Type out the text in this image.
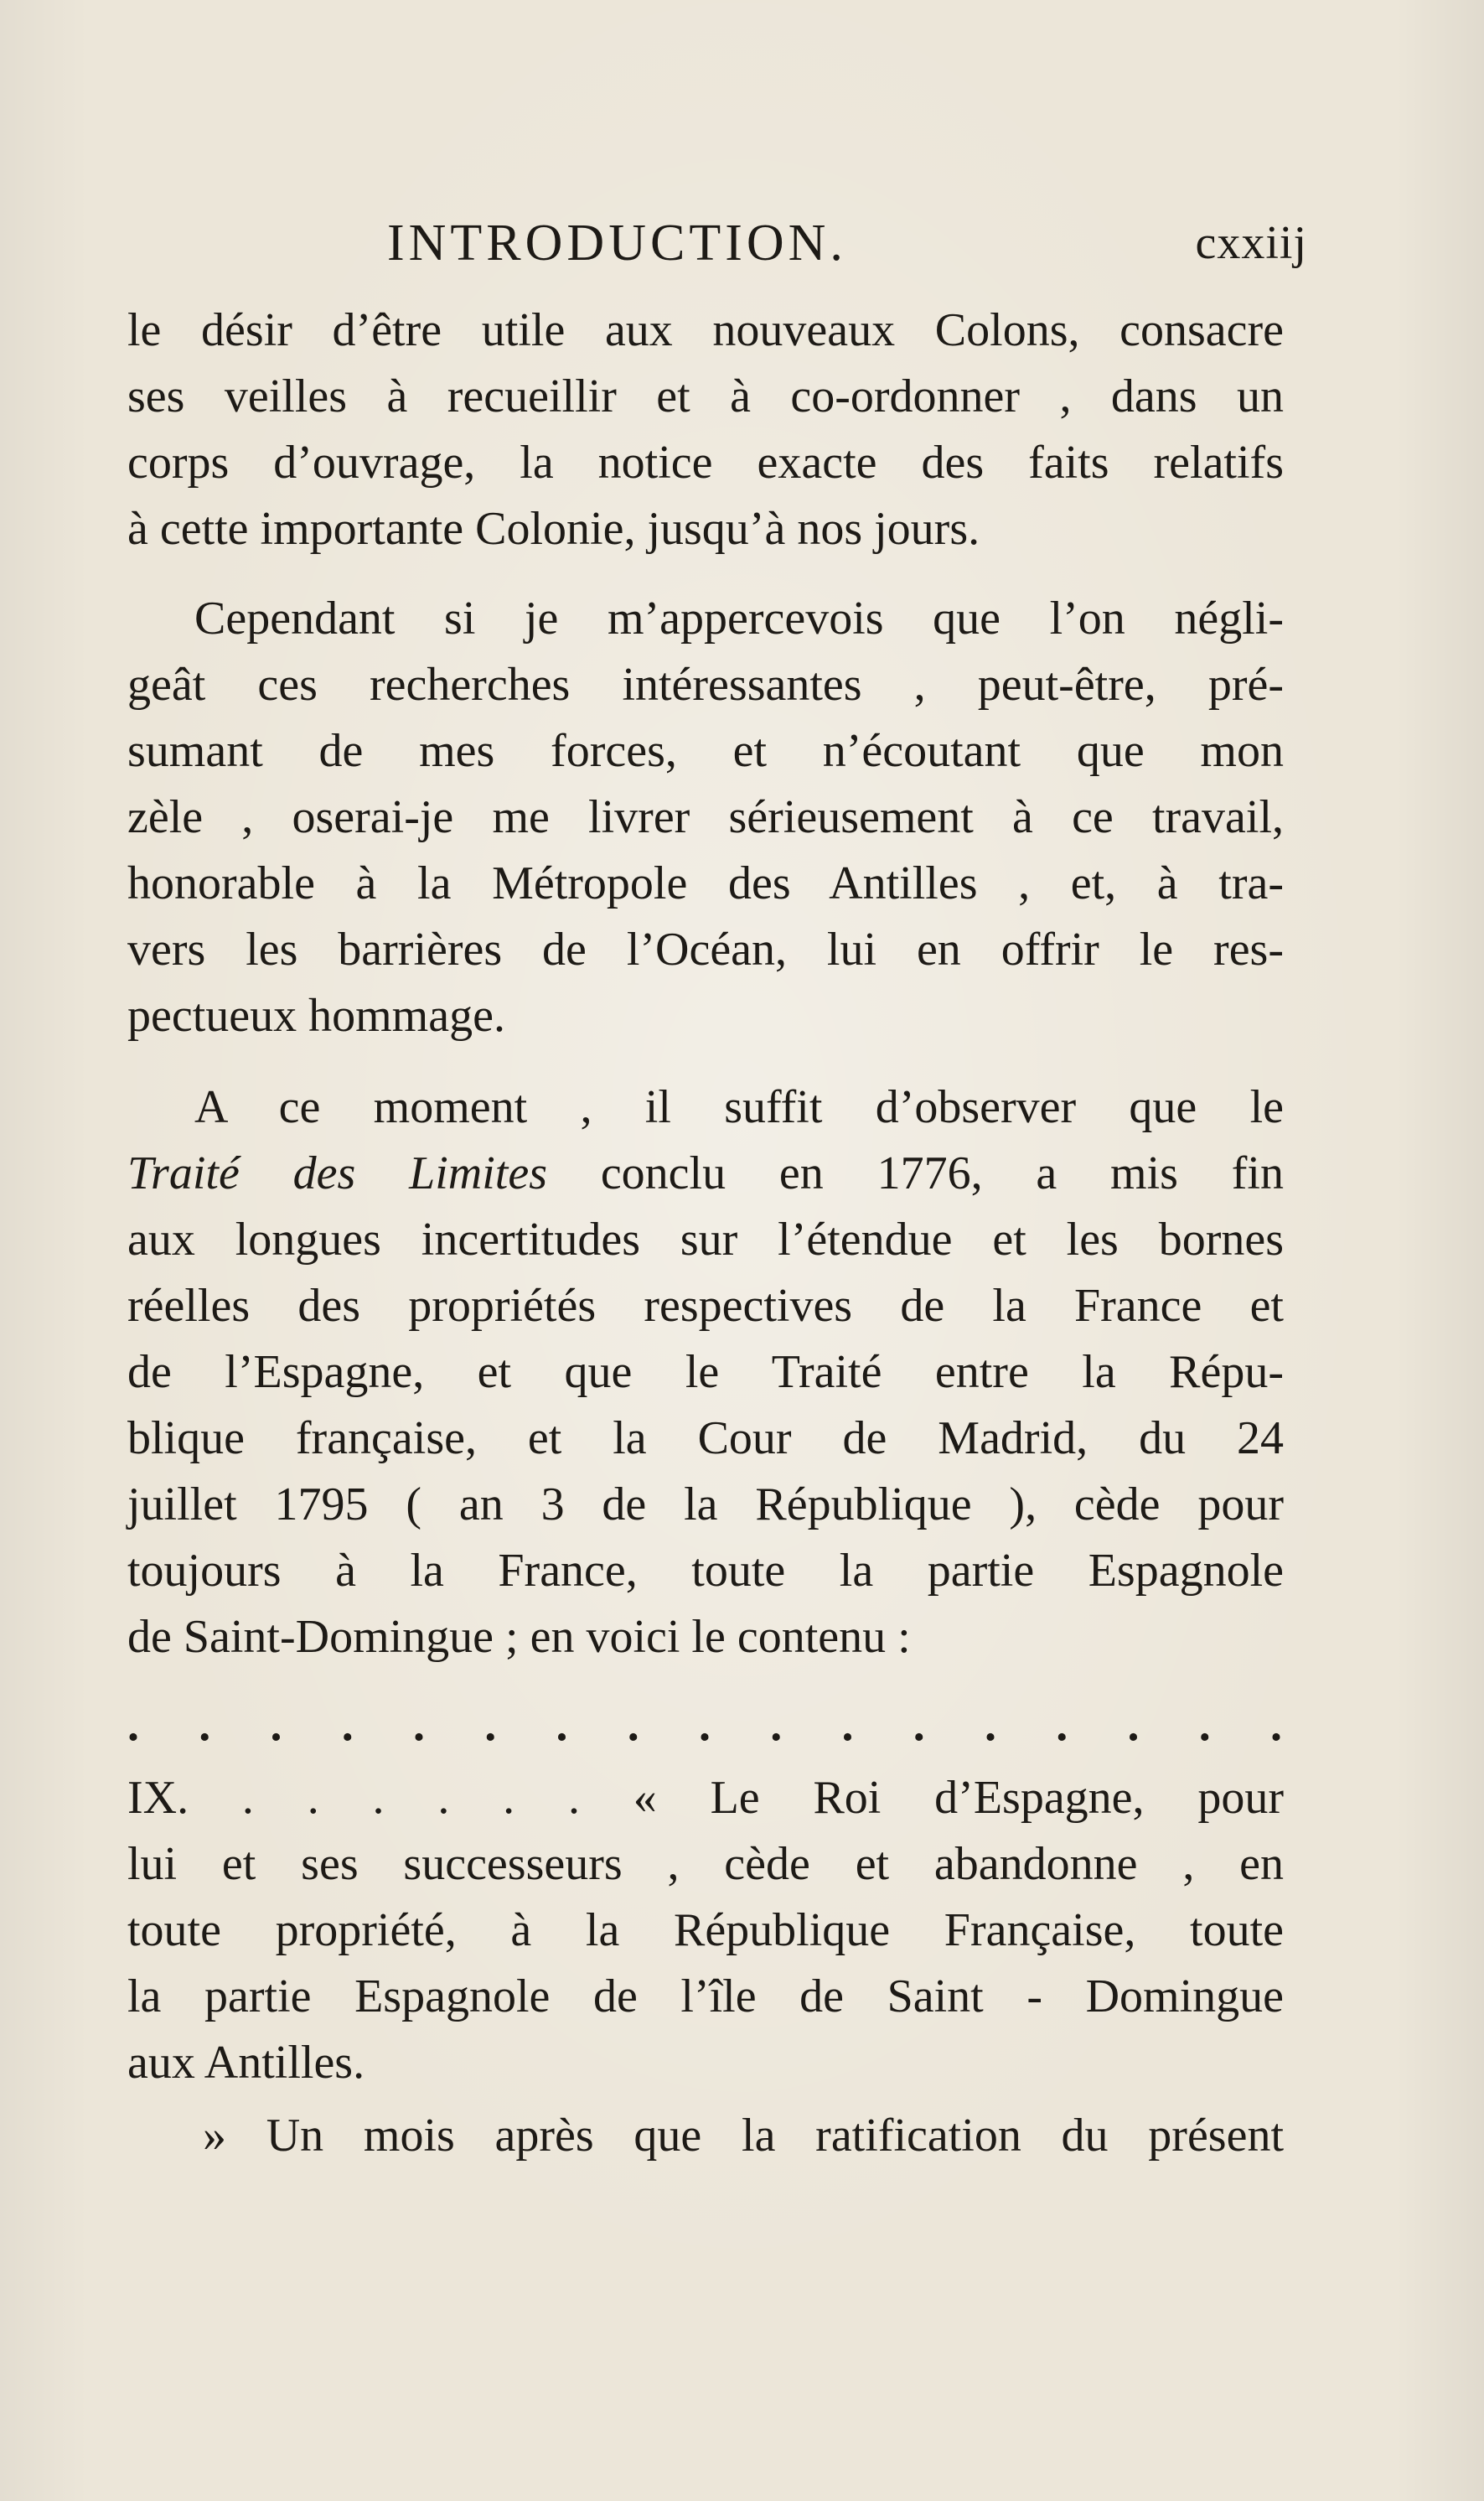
INTRODUCTION.	cxxiij
le désir d’être utile aux nouveaux Colons, consacre
ses veilles à recueillir et à co-ordonner , dans un
corps d’ouvrage, la notice exacte des faits relatifs
à cette importante Colonie, jusqu’à nos jours.
Cependant si je m’appercevois que l’on négli-
geât ces recherches intéressantes , peut-être, pré-
sumant de mes forces, et n’écoutant que mon
zèle , oserai-je me livrer sérieusement à ce travail,
honorable à la Métropole des Antilles , et, à tra-
vers les barrières de l’Océan, lui en offrir le res-
pectueux hommage.
A ce moment , il suffit d’observer que le
Traité des Limites conclu en 1776, a mis fin
aux longues incertitudes sur l’étendue et les bornes
réelles des propriétés respectives de la France et
de l’Espagne, et que le Traité entre la Répu-
blique française, et la Cour de Madrid, du 24
juillet 1795 ( an 3 de la République ), cède pour
toujours à la France, toute la partie Espagnole
de Saint-Domingue ; en voici le contenu :
. . . . . . . . . . . . . . . . .
IX. . . . . . . « Le Roi d’Espagne, pour
lui et ses successeurs , cède et abandonne , en
toute propriété, à la République Française, toute
la partie Espagnole de l’île de Saint - Domingue
aux Antilles.
» Un mois après que la ratification du présent
